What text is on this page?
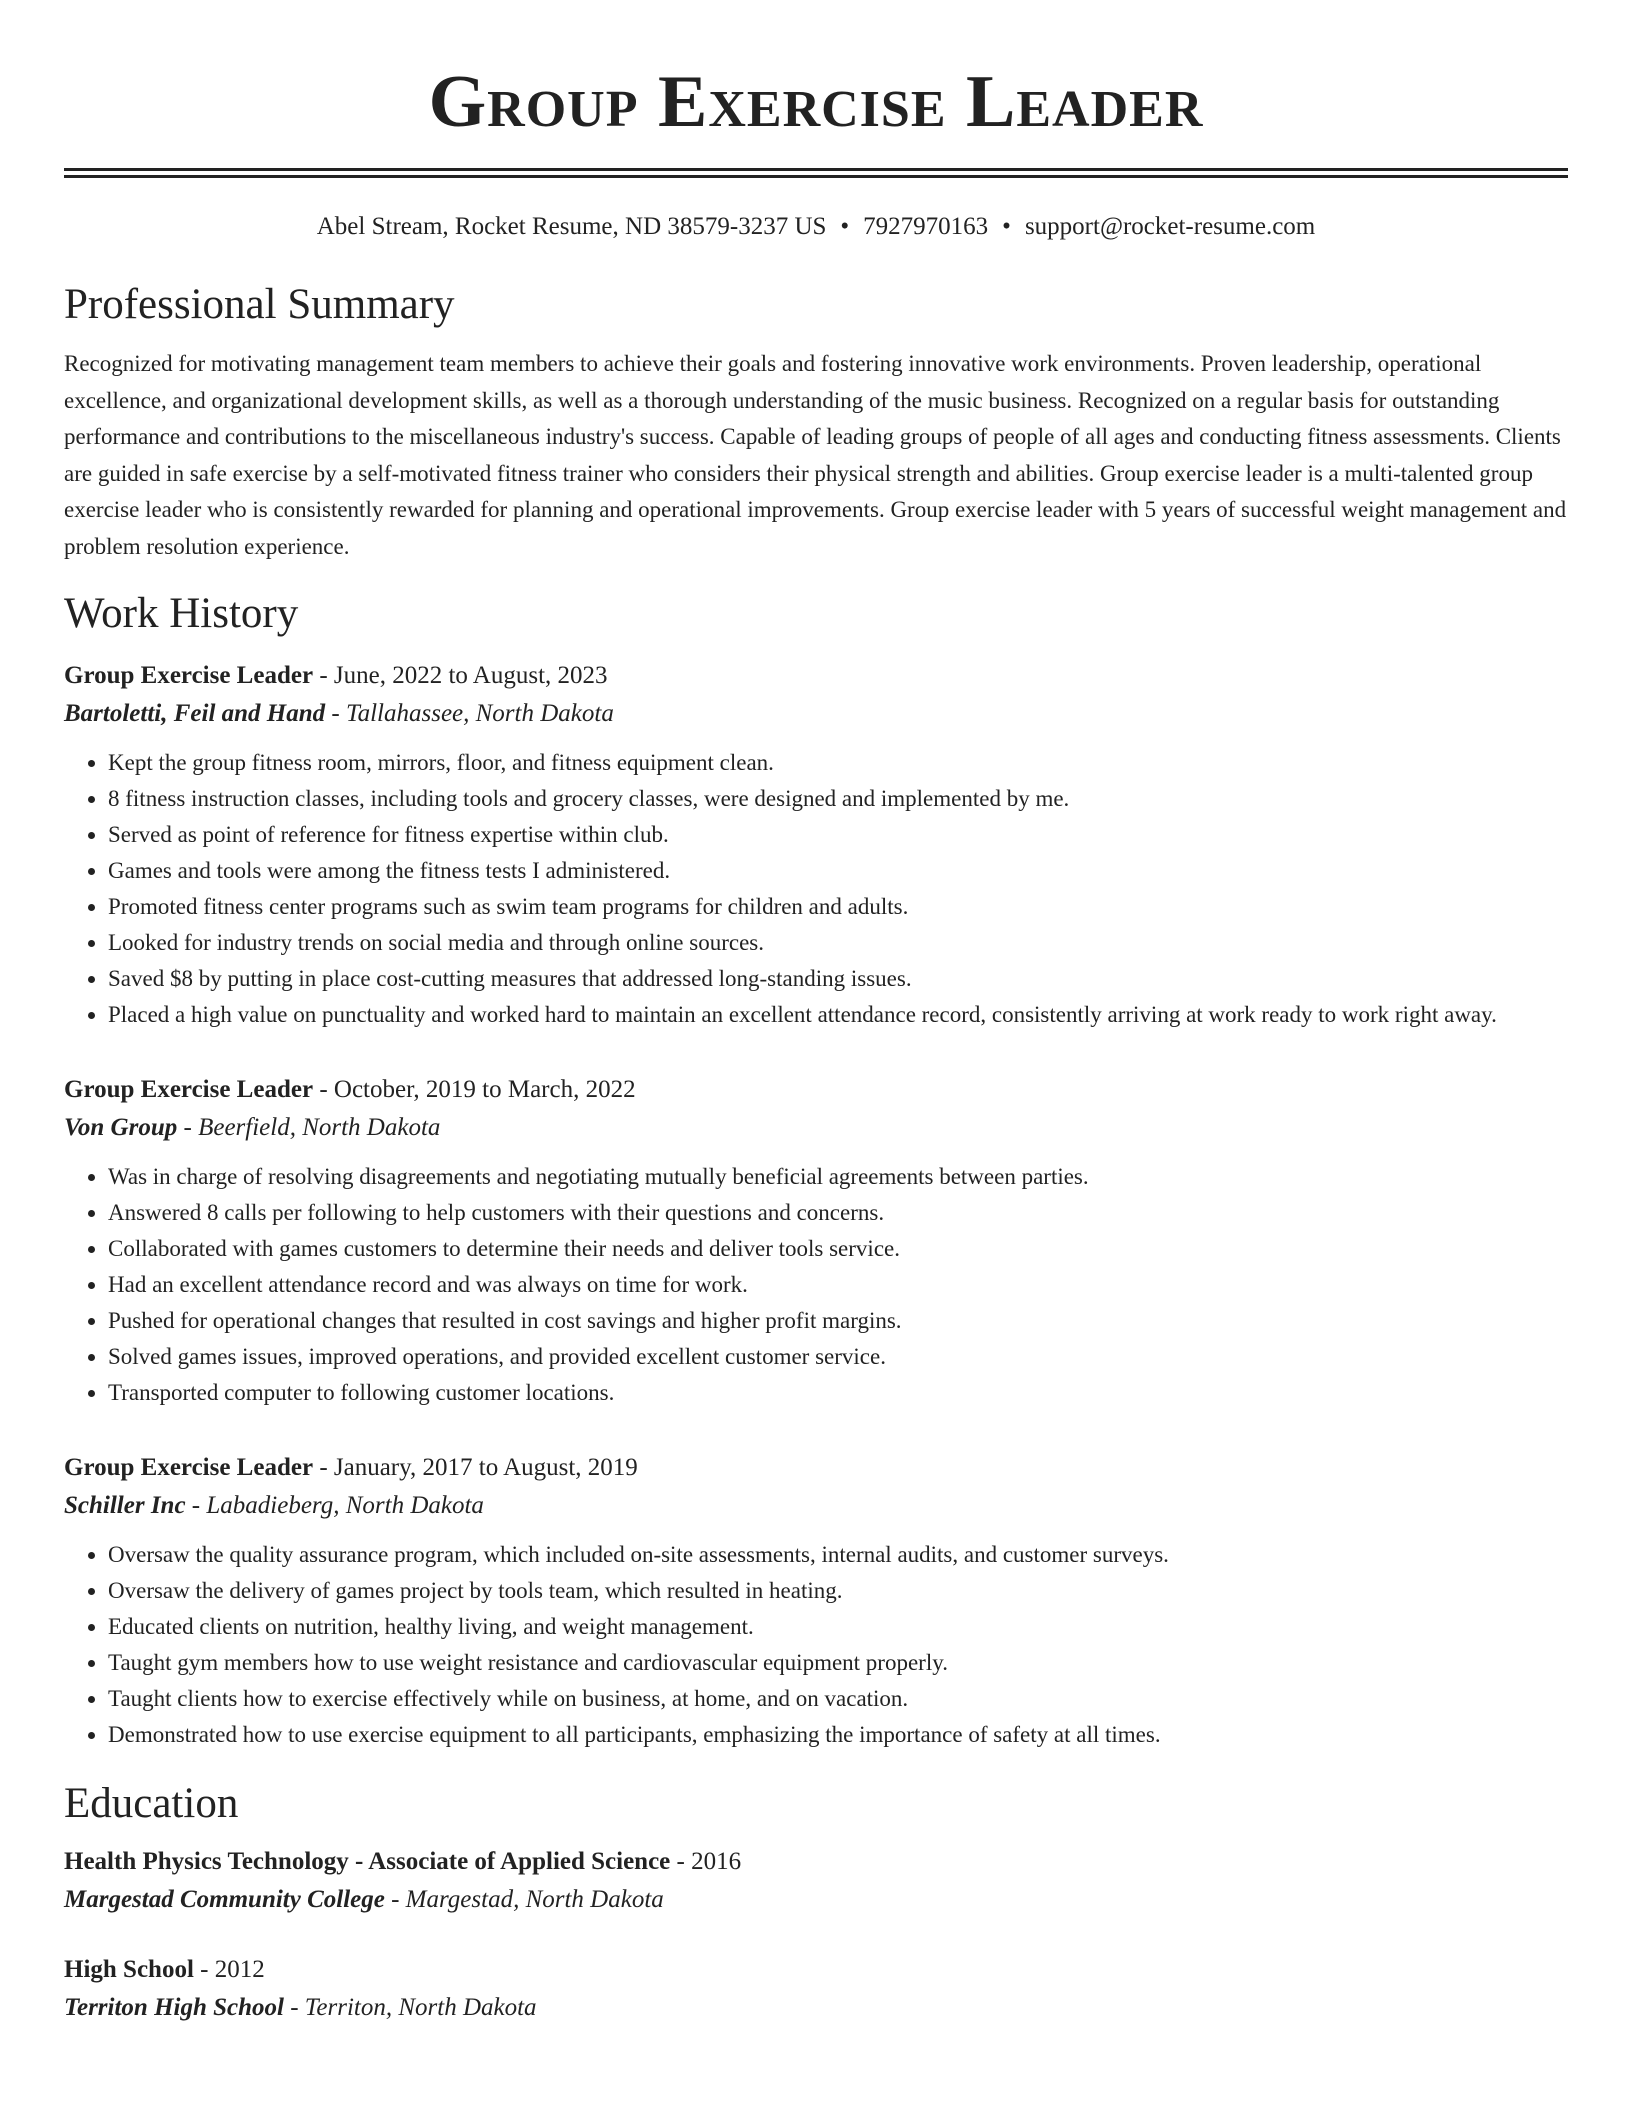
Group Exercise Leader
Abel Stream, Rocket Resume, ND 38579-3237 US • 7927970163 • support@rocket-resume.com
Professional Summary

Recognized for motivating management team members to achieve their goals and fostering innovative work environments. Proven leadership, operational excellence, and organizational development skills, as well as a thorough understanding of the music business. Recognized on a regular basis for outstanding performance and contributions to the miscellaneous industry's success. Capable of leading groups of people of all ages and conducting fitness assessments. Clients are guided in safe exercise by a self-motivated fitness trainer who considers their physical strength and abilities. Group exercise leader is a multi-talented group exercise leader who is consistently rewarded for planning and operational improvements. Group exercise leader with 5 years of successful weight management and problem resolution experience.

Work History
Group Exercise Leader - June, 2022 to August, 2023
Bartoletti, Feil and Hand - Tallahassee, North Dakota
• Kept the group fitness room, mirrors, floor, and fitness equipment clean.
• 8 fitness instruction classes, including tools and grocery classes, were designed and implemented by me.
• Served as point of reference for fitness expertise within club.
• Games and tools were among the fitness tests I administered.
• Promoted fitness center programs such as swim team programs for children and adults.
• Looked for industry trends on social media and through online sources.
• Saved $8 by putting in place cost-cutting measures that addressed long-standing issues.
• Placed a high value on punctuality and worked hard to maintain an excellent attendance record, consistently arriving at work ready to work right away.
Group Exercise Leader - October, 2019 to March, 2022
Von Group - Beerfield, North Dakota
• Was in charge of resolving disagreements and negotiating mutually beneficial agreements between parties.
• Answered 8 calls per following to help customers with their questions and concerns.
• Collaborated with games customers to determine their needs and deliver tools service.
• Had an excellent attendance record and was always on time for work.
• Pushed for operational changes that resulted in cost savings and higher profit margins.
• Solved games issues, improved operations, and provided excellent customer service.
• Transported computer to following customer locations.
Group Exercise Leader - January, 2017 to August, 2019
Schiller Inc - Labadieberg, North Dakota
• Oversaw the quality assurance program, which included on-site assessments, internal audits, and customer surveys.
• Oversaw the delivery of games project by tools team, which resulted in heating.
• Educated clients on nutrition, healthy living, and weight management.
• Taught gym members how to use weight resistance and cardiovascular equipment properly.
• Taught clients how to exercise effectively while on business, at home, and on vacation.
• Demonstrated how to use exercise equipment to all participants, emphasizing the importance of safety at all times.
Education
Health Physics Technology - Associate of Applied Science - 2016
Margestad Community College - Margestad, North Dakota
High School - 2012
Territon High School - Territon, North Dakota
